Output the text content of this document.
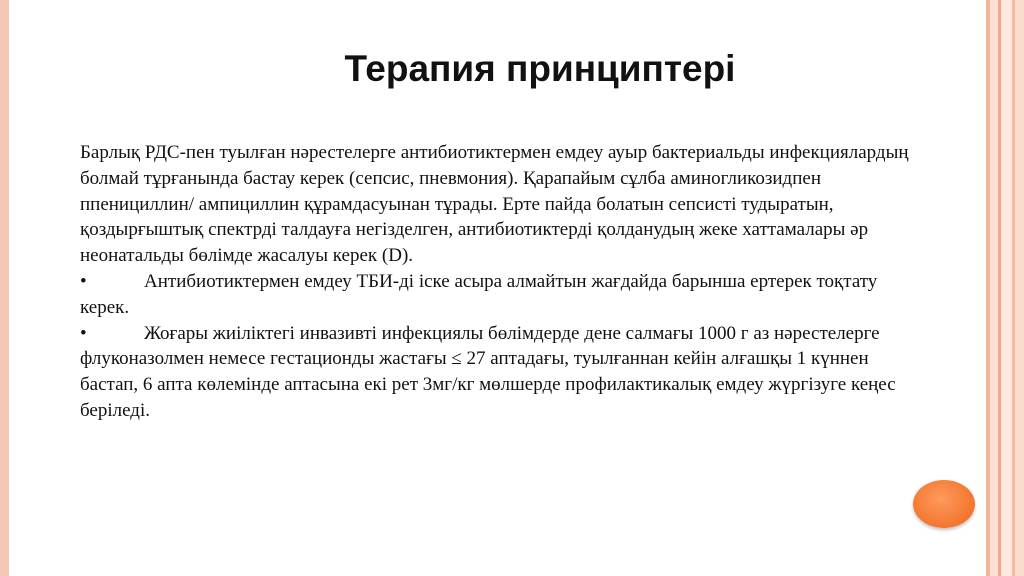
Терапия принциптері

Барлық РДС-пен туылған нәрестелерге антибиотиктермен емдеу ауыр бактериальды инфекциялардың болмай тұрғанында бастау керек (сепсис, пневмония). Қарапайым сұлба аминогликозидпен ппенициллин/ ампициллин құрамдасуынан тұрады. Ерте пайда болатын сепсисті тудыратын, қоздырғыштық спектрді талдауға негізделген, антибиотиктерді қолданудың жеке хаттамалары әр неонатальды бөлімде жасалуы керек (D).

•	Антибиотиктермен емдеу ТБИ-ді іске асыра алмайтын жағдайда барынша ертерек тоқтату керек.

•	Жоғары жиіліктегі инвазивті инфекциялы бөлімдерде дене салмағы 1000 г аз нәрестелерге флуконазолмен немесе гестационды жастағы ≤ 27 аптадағы, туылғаннан кейін алғашқы 1 күннен бастап, 6 апта көлемінде аптасына екі рет 3мг/кг мөлшерде профилактикалық емдеу жүргізуге кеңес беріледі.
